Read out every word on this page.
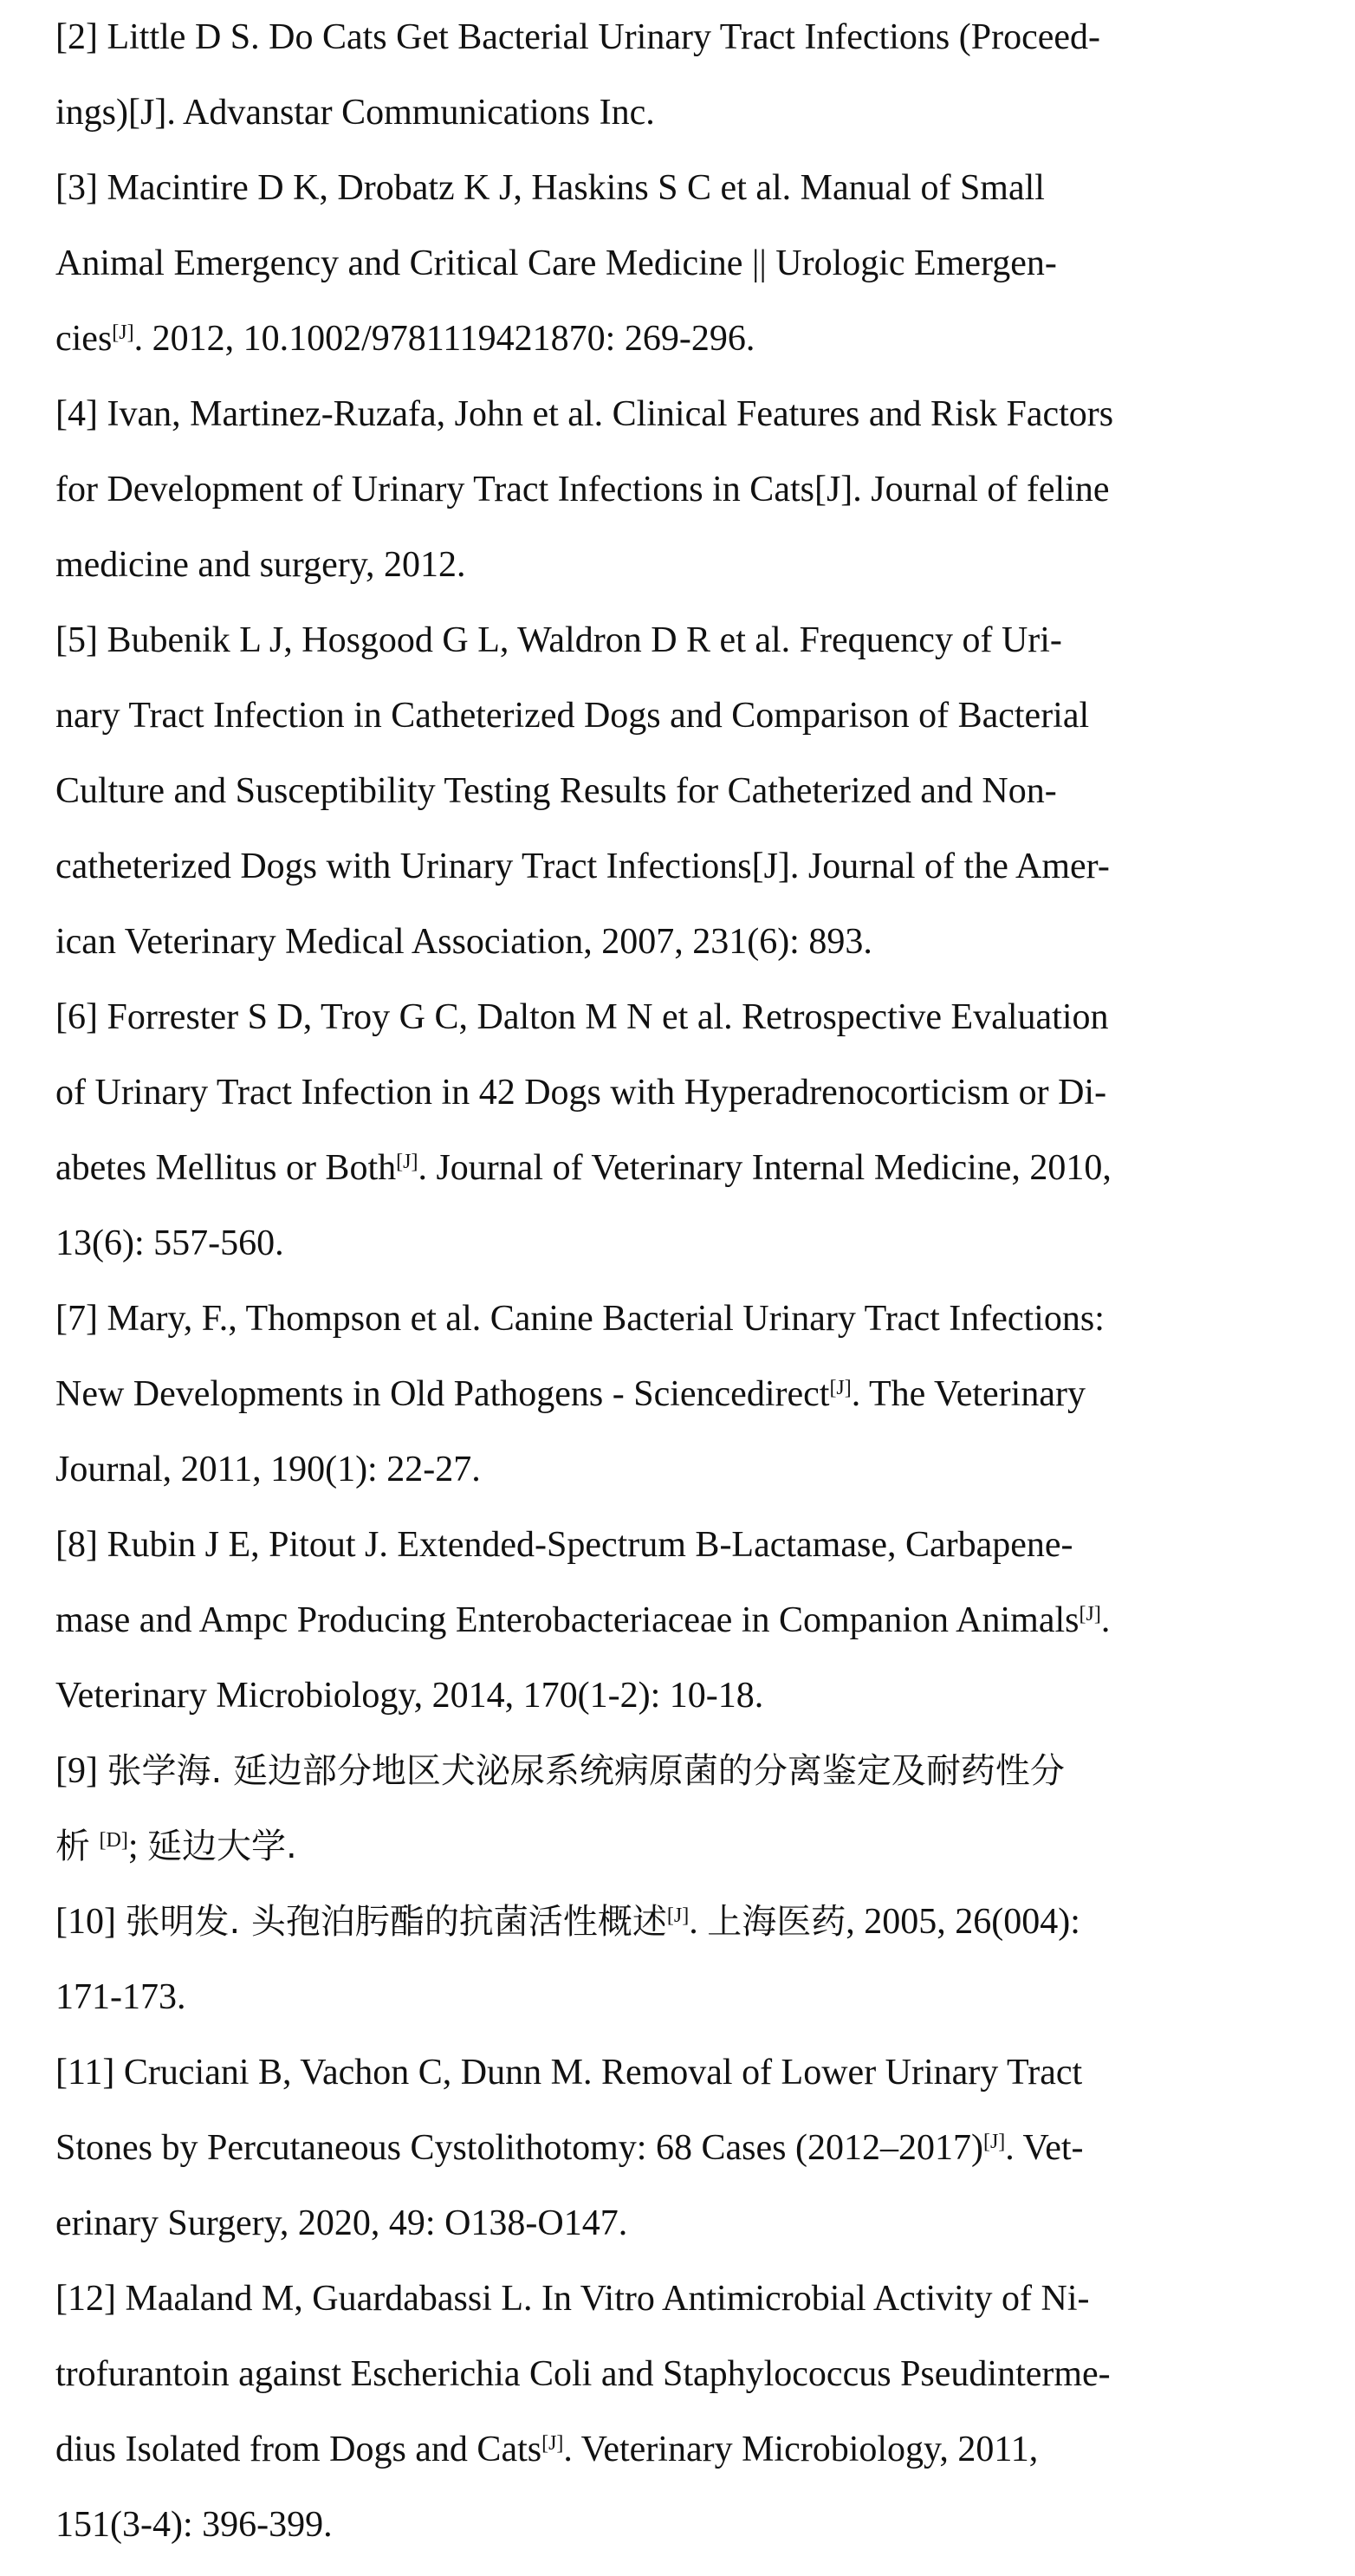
[2] Little D S. Do Cats Get Bacterial Urinary Tract Infections (Proceed-
ings)[J]. Advanstar Communications Inc.

[3] Macintire D K, Drobatz K J, Haskins S C et al. Manual of Small
Animal Emergency and Critical Care Medicine || Urologic Emergen-
cies[J]. 2012, 10.1002/9781119421870: 269-296.

[4] Ivan, Martinez-Ruzafa, John et al. Clinical Features and Risk Factors
for Development of Urinary Tract Infections in Cats[J]. Journal of feline
medicine and surgery, 2012.

[5] Bubenik L J, Hosgood G L, Waldron D R et al. Frequency of Uri-
nary Tract Infection in Catheterized Dogs and Comparison of Bacterial
Culture and Susceptibility Testing Results for Catheterized and Non-
catheterized Dogs with Urinary Tract Infections[J]. Journal of the Amer-
ican Veterinary Medical Association, 2007, 231(6): 893.

[6] Forrester S D, Troy G C, Dalton M N et al. Retrospective Evaluation
of Urinary Tract Infection in 42 Dogs with Hyperadrenocorticism or Di-
abetes Mellitus or Both[J]. Journal of Veterinary Internal Medicine, 2010,
13(6): 557-560.

[7] Mary, F., Thompson et al. Canine Bacterial Urinary Tract Infections:
New Developments in Old Pathogens - Sciencedirect[J]. The Veterinary
Journal, 2011, 190(1): 22-27.

[8] Rubin J E, Pitout J. Extended-Spectrum B-Lactamase, Carbapene-
mase and Ampc Producing Enterobacteriaceae in Companion Animals[J].
Veterinary Microbiology, 2014, 170(1-2): 10-18.

[9] 张学海. 延边部分地区犬泌尿系统病原菌的分离鉴定及耐药性分
析 [D]; 延边大学.

[10] 张明发. 头孢泊肟酯的抗菌活性概述[J]. 上海医药, 2005, 26(004):
171-173.

[11] Cruciani B, Vachon C, Dunn M. Removal of Lower Urinary Tract
Stones by Percutaneous Cystolithotomy: 68 Cases (2012–2017)[J]. Vet-
erinary Surgery, 2020, 49: O138-O147.

[12] Maaland M, Guardabassi L. In Vitro Antimicrobial Activity of Ni-
trofurantoin against Escherichia Coli and Staphylococcus Pseudinterme-
dius Isolated from Dogs and Cats[J]. Veterinary Microbiology, 2011,
151(3-4): 396-399.
